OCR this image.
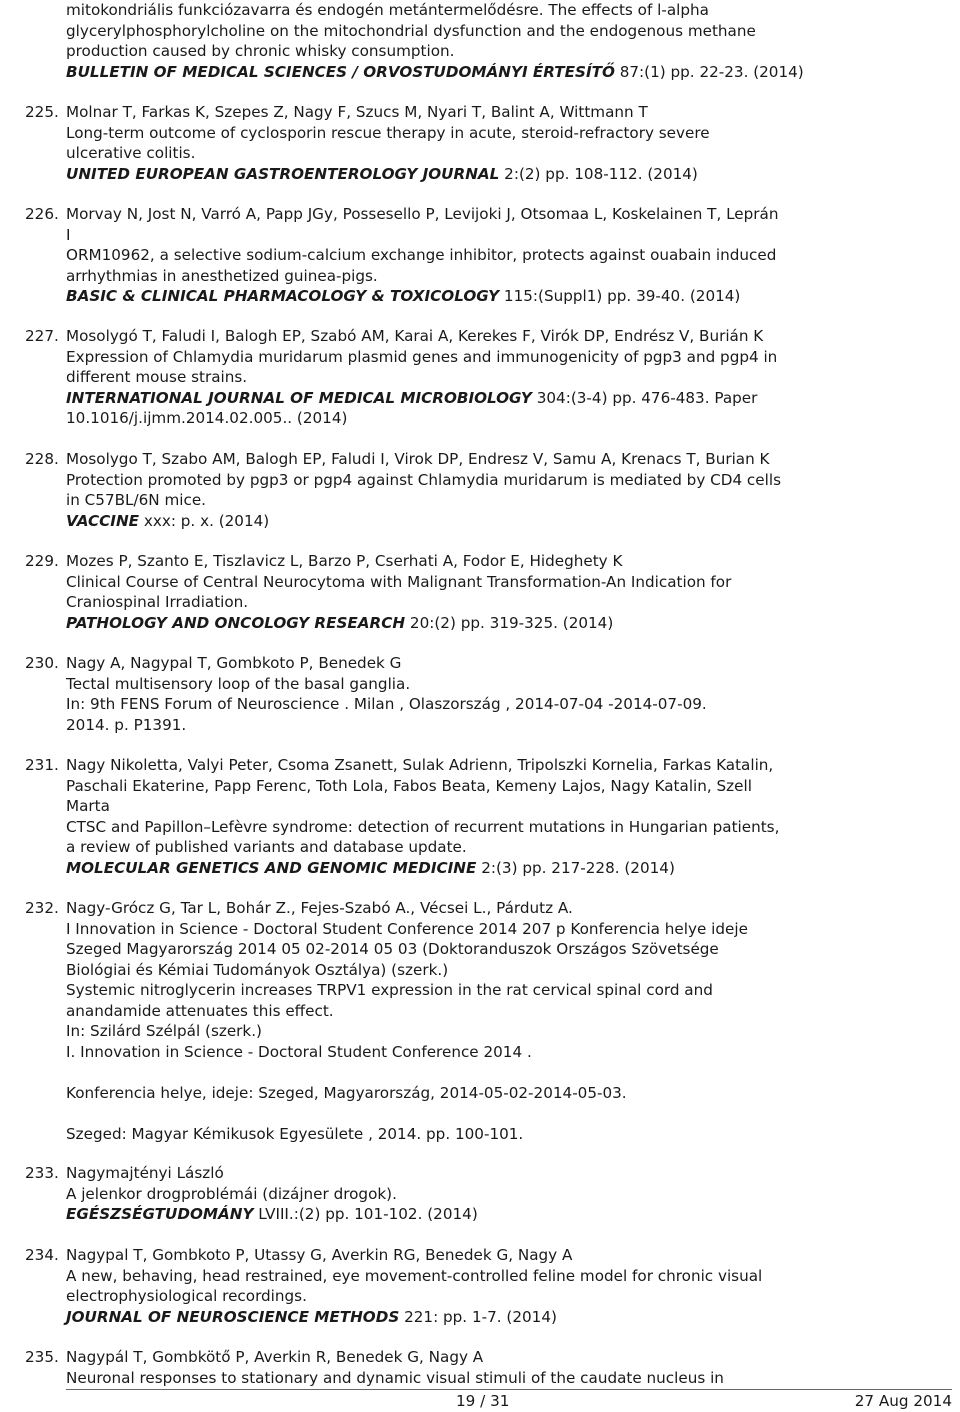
mitokondriális funkciózavarra és endogén metántermelődésre. The effects of l-alpha
glycerylphosphorylcholine on the mitochondrial dysfunction and the endogenous methane
production caused by chronic whisky consumption.
BULLETIN OF MEDICAL SCIENCES / ORVOSTUDOMÁNYI ÉRTESÍTŐ 87:(1) pp. 22-23. (2014)
225. Molnar T, Farkas K, Szepes Z, Nagy F, Szucs M, Nyari T, Balint A, Wittmann T
Long-term outcome of cyclosporin rescue therapy in acute, steroid-refractory severe
ulcerative colitis.
UNITED EUROPEAN GASTROENTEROLOGY JOURNAL 2:(2) pp. 108-112. (2014)
226. Morvay N, Jost N, Varró A, Papp JGy, Possesello P, Levijoki J, Otsomaa L, Koskelainen T, Leprán
I
ORM10962, a selective sodium-calcium exchange inhibitor, protects against ouabain induced
arrhythmias in anesthetized guinea-pigs.
BASIC & CLINICAL PHARMACOLOGY & TOXICOLOGY 115:(Suppl1) pp. 39-40. (2014)
227. Mosolygó T, Faludi I, Balogh EP, Szabó AM, Karai A, Kerekes F, Virók DP, Endrész V, Burián K
Expression of Chlamydia muridarum plasmid genes and immunogenicity of pgp3 and pgp4 in
different mouse strains.
INTERNATIONAL JOURNAL OF MEDICAL MICROBIOLOGY 304:(3-4) pp. 476-483. Paper
10.1016/j.ijmm.2014.02.005.. (2014)
228. Mosolygo T, Szabo AM, Balogh EP, Faludi I, Virok DP, Endresz V, Samu A, Krenacs T, Burian K
Protection promoted by pgp3 or pgp4 against Chlamydia muridarum is mediated by CD4 cells
in C57BL/6N mice.
VACCINE xxx: p. x. (2014)
229. Mozes P, Szanto E, Tiszlavicz L, Barzo P, Cserhati A, Fodor E, Hideghety K
Clinical Course of Central Neurocytoma with Malignant Transformation-An Indication for
Craniospinal Irradiation.
PATHOLOGY AND ONCOLOGY RESEARCH 20:(2) pp. 319-325. (2014)
230. Nagy A, Nagypal T, Gombkoto P, Benedek G
Tectal multisensory loop of the basal ganglia.
In: 9th FENS Forum of Neuroscience . Milan , Olaszország , 2014-07-04 -2014-07-09.
2014. p. P1391.
231. Nagy Nikoletta, Valyi Peter, Csoma Zsanett, Sulak Adrienn, Tripolszki Kornelia, Farkas Katalin,
Paschali Ekaterine, Papp Ferenc, Toth Lola, Fabos Beata, Kemeny Lajos, Nagy Katalin, Szell
Marta
CTSC and Papillon–Lefèvre syndrome: detection of recurrent mutations in Hungarian patients,
a review of published variants and database update.
MOLECULAR GENETICS AND GENOMIC MEDICINE 2:(3) pp. 217-228. (2014)
232. Nagy-Grócz G, Tar L, Bohár Z., Fejes-Szabó A., Vécsei L., Párdutz A.
I Innovation in Science - Doctoral Student Conference 2014 207 p Konferencia helye ideje
Szeged Magyarország 2014 05 02-2014 05 03 (Doktoranduszok Országos Szövetsége
Biológiai és Kémiai Tudományok Osztálya) (szerk.)
Systemic nitroglycerin increases TRPV1 expression in the rat cervical spinal cord and
anandamide attenuates this effect.
In: Szilárd Szélpál (szerk.)
I. Innovation in Science - Doctoral Student Conference 2014 .
Konferencia helye, ideje: Szeged, Magyarország, 2014-05-02-2014-05-03.
Szeged: Magyar Kémikusok Egyesülete , 2014. pp. 100-101.
233. Nagymajtényi László
A jelenkor drogproblémái (dizájner drogok).
EGÉSZSÉGTUDOMÁNY LVIII.:(2) pp. 101-102. (2014)
234. Nagypal T, Gombkoto P, Utassy G, Averkin RG, Benedek G, Nagy A
A new, behaving, head restrained, eye movement-controlled feline model for chronic visual
electrophysiological recordings.
JOURNAL OF NEUROSCIENCE METHODS 221: pp. 1-7. (2014)
235. Nagypál T, Gombkötő P, Averkin R, Benedek G, Nagy A
Neuronal responses to stationary and dynamic visual stimuli of the caudate nucleus in
19 / 31	27 Aug 2014
